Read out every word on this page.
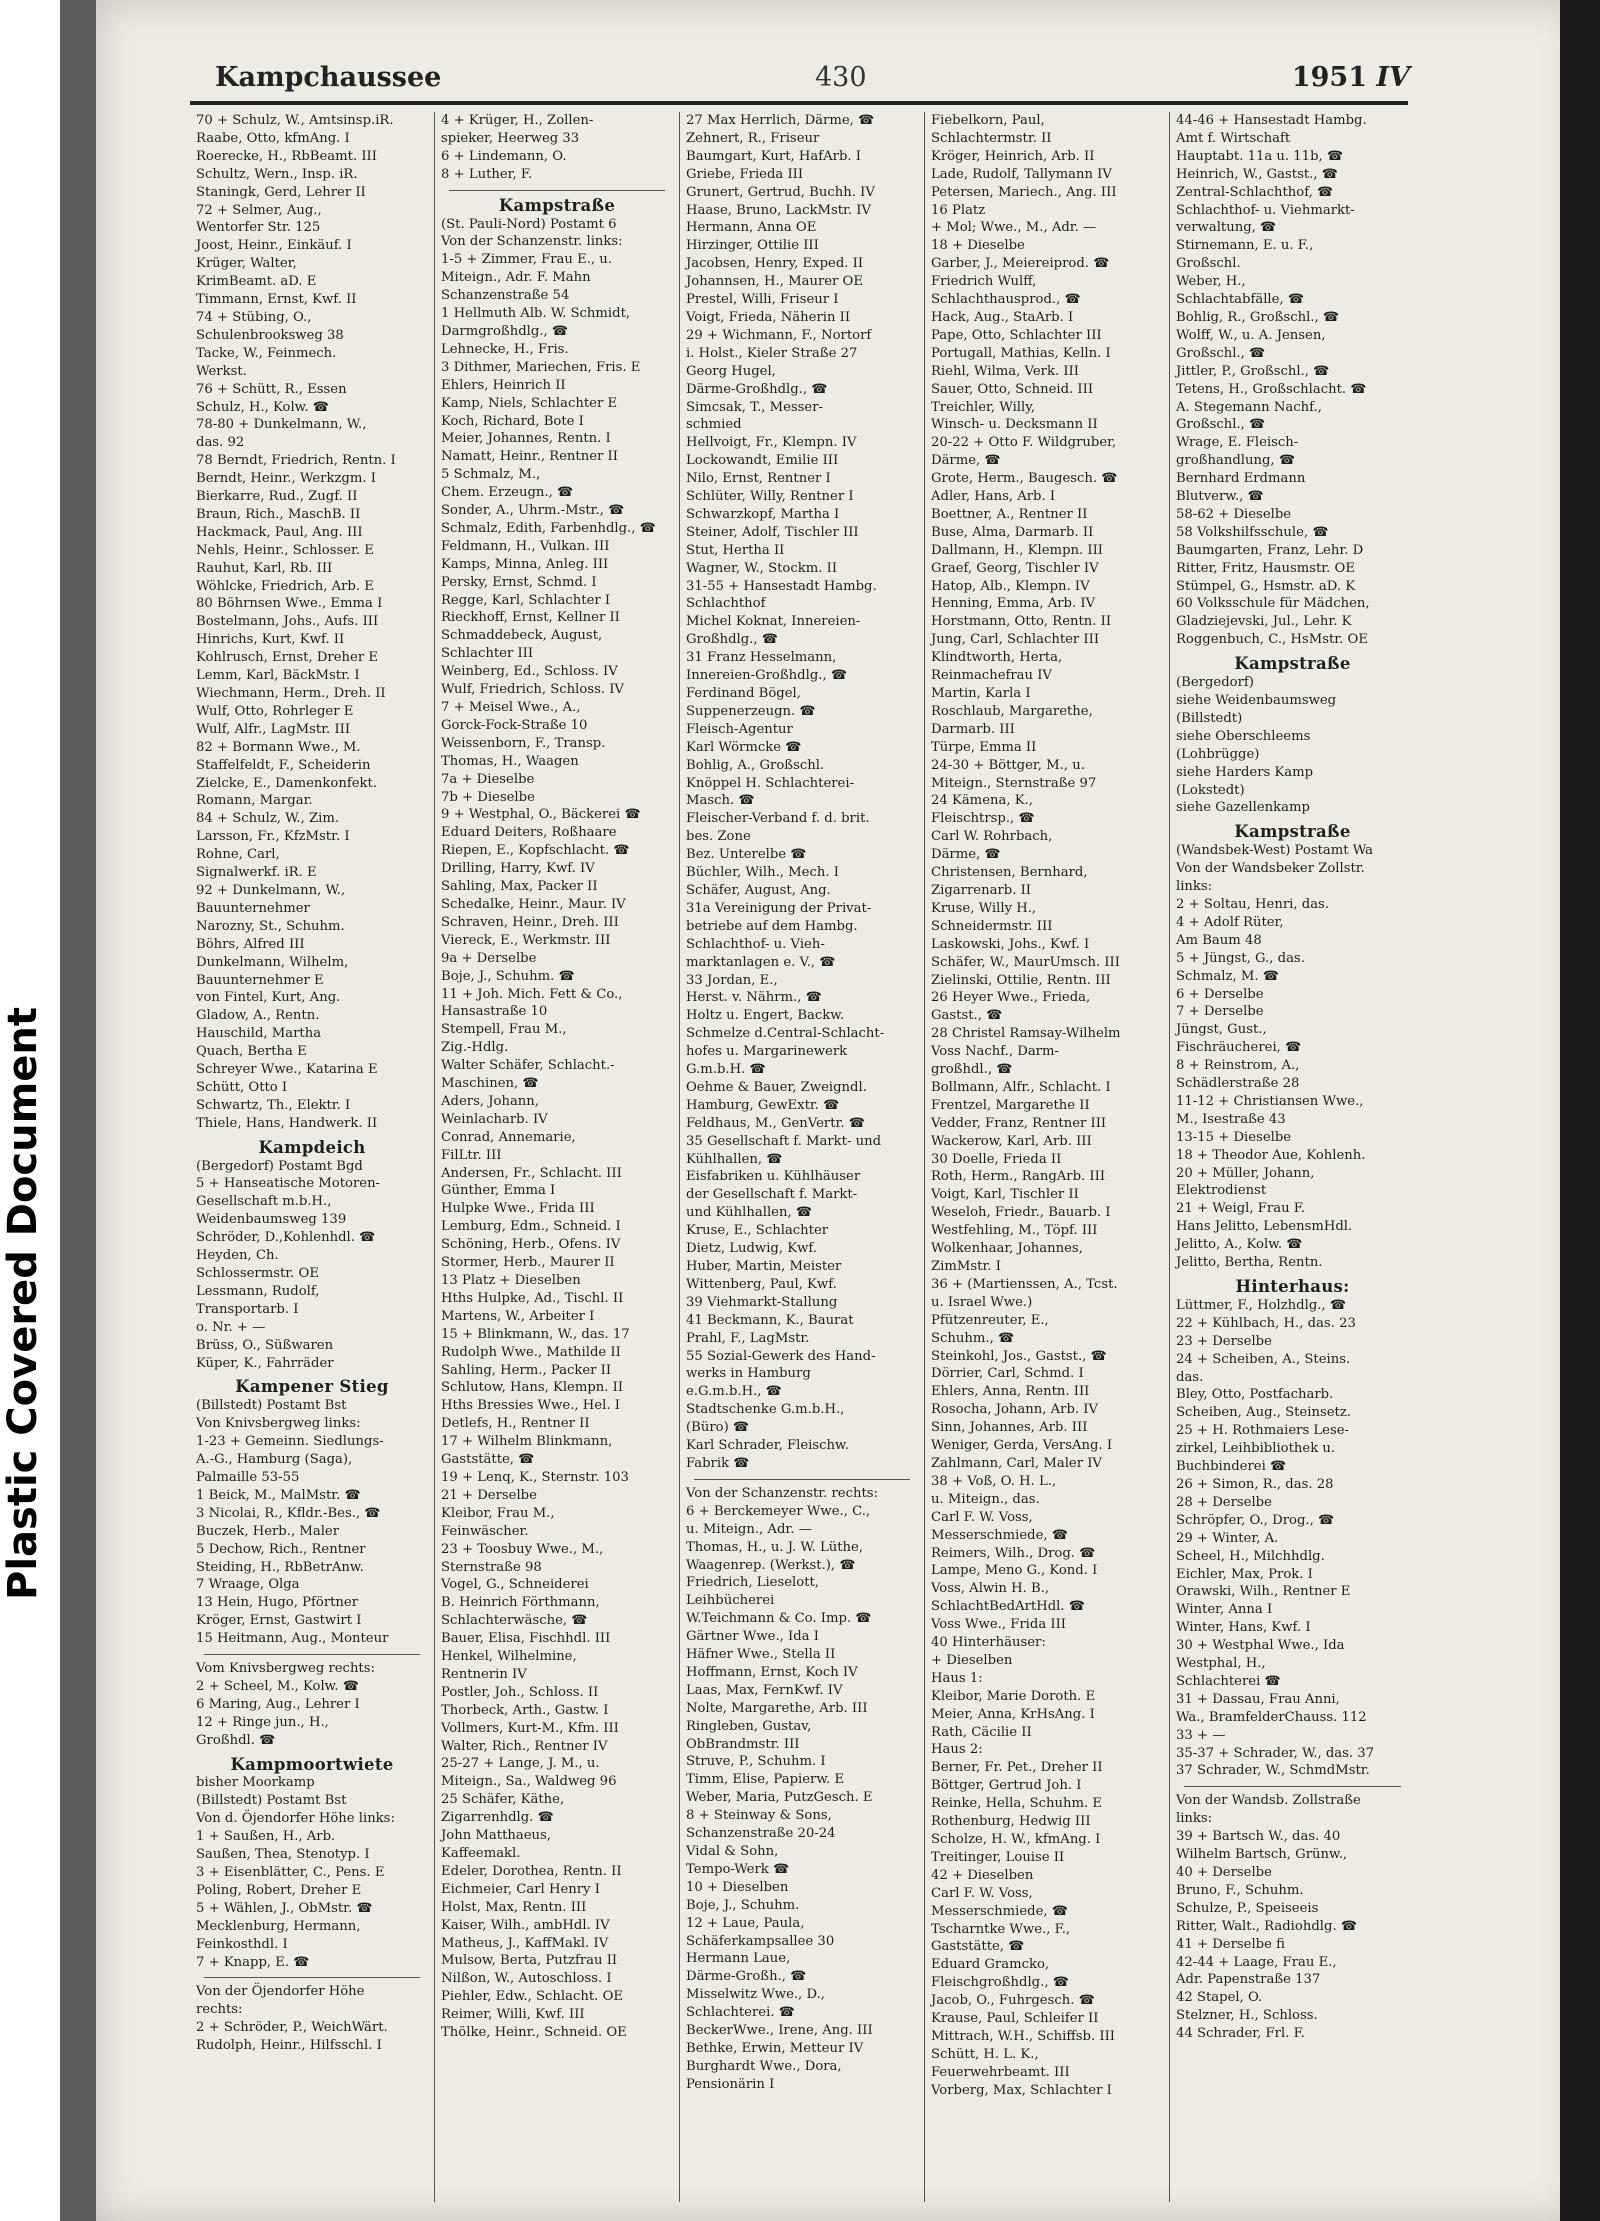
Plastic Covered Document
Kampchaussee	430	1951 IV
70 + Schulz, W., Amtsinsp.iR.
Raabe, Otto, kfmAng. I
Roerecke, H., RbBeamt. III
Schultz, Wern., Insp. iR.
Staningk, Gerd, Lehrer II
72 + Selmer, Aug.,
Wentorfer Str. 125
Joost, Heinr., Einkäuf. I
Krüger, Walter,
KrimBeamt. aD. E
Timmann, Ernst, Kwf. II
74 + Stübing, O.,
Schulenbrooksweg 38
Tacke, W., Feinmech.
Werkst.
76 + Schütt, R., Essen
Schulz, H., Kolw. ☎
78-80 + Dunkelmann, W.,
das. 92
78 Berndt, Friedrich, Rentn. I
Berndt, Heinr., Werkzgm. I
Bierkarre, Rud., Zugf. II
Braun, Rich., MaschB. II
Hackmack, Paul, Ang. III
Nehls, Heinr., Schlosser. E
Rauhut, Karl, Rb. III
Wöhlcke, Friedrich, Arb. E
80 Böhrnsen Wwe., Emma I
Bostelmann, Johs., Aufs. III
Hinrichs, Kurt, Kwf. II
Kohlrusch, Ernst, Dreher E
Lemm, Karl, BäckMstr. I
Wiechmann, Herm., Dreh. II
Wulf, Otto, Rohrleger E
Wulf, Alfr., LagMstr. III
82 + Bormann Wwe., M.
Staffelfeldt, F., Scheiderin
Zielcke, E., Damenkonfekt.
Romann, Margar.
84 + Schulz, W., Zim.
Larsson, Fr., KfzMstr. I
Rohne, Carl,
Signalwerkf. iR. E
92 + Dunkelmann, W.,
Bauunternehmer
Narozny, St., Schuhm.
Böhrs, Alfred III
Dunkelmann, Wilhelm,
Bauunternehmer E
von Fintel, Kurt, Ang.
Gladow, A., Rentn.
Hauschild, Martha
Quach, Bertha E
Schreyer Wwe., Katarina E
Schütt, Otto I
Schwartz, Th., Elektr. I
Thiele, Hans, Handwerk. II
Kampdeich
(Bergedorf) Postamt Bgd
5 + Hanseatische Motoren-
Gesellschaft m.b.H.,
Weidenbaumsweg 139
Schröder, D.,Kohlenhdl. ☎
Heyden, Ch.
Schlossermstr. OE
Lessmann, Rudolf,
Transportarb. I
o. Nr. + —
Brüss, O., Süßwaren
Küper, K., Fahrräder
Kampener Stieg
(Billstedt) Postamt Bst
Von Knivsbergweg links:
1-23 + Gemeinn. Siedlungs-
A.-G., Hamburg (Saga),
Palmaille 53-55
1 Beick, M., MalMstr. ☎
3 Nicolai, R., Kfldr.-Bes., ☎
Buczek, Herb., Maler
5 Dechow, Rich., Rentner
Steiding, H., RbBetrAnw.
7 Wraage, Olga
13 Hein, Hugo, Pförtner
Kröger, Ernst, Gastwirt I
15 Heitmann, Aug., Monteur
Vom Knivsbergweg rechts:
2 + Scheel, M., Kolw. ☎
6 Maring, Aug., Lehrer I
12 + Ringe jun., H.,
Großhdl. ☎
Kampmoortwiete
bisher Moorkamp
(Billstedt) Postamt Bst
Von d. Öjendorfer Höhe links:
1 + Saußen, H., Arb.
Saußen, Thea, Stenotyp. I
3 + Eisenblätter, C., Pens. E
Poling, Robert, Dreher E
5 + Wählen, J., ObMstr. ☎
Mecklenburg, Hermann,
Feinkosthdl. I
7 + Knapp, E. ☎
Von der Öjendorfer Höhe
rechts:
2 + Schröder, P., WeichWärt.
Rudolph, Heinr., Hilfsschl. I
4 + Krüger, H., Zollen-
spieker, Heerweg 33
6 + Lindemann, O.
8 + Luther, F.
Kampstraße
(St. Pauli-Nord) Postamt 6
Von der Schanzenstr. links:
1-5 + Zimmer, Frau E., u.
Miteign., Adr. F. Mahn
Schanzenstraße 54
1 Hellmuth Alb. W. Schmidt,
Darmgroßhdlg., ☎
Lehnecke, H., Fris.
3 Dithmer, Mariechen, Fris. E
Ehlers, Heinrich II
Kamp, Niels, Schlachter E
Koch, Richard, Bote I
Meier, Johannes, Rentn. I
Namatt, Heinr., Rentner II
5 Schmalz, M.,
Chem. Erzeugn., ☎
Sonder, A., Uhrm.-Mstr., ☎
Schmalz, Edith, Farbenhdlg., ☎
Feldmann, H., Vulkan. III
Kamps, Minna, Anleg. III
Persky, Ernst, Schmd. I
Regge, Karl, Schlachter I
Rieckhoff, Ernst, Kellner II
Schmaddebeck, August,
Schlachter III
Weinberg, Ed., Schloss. IV
Wulf, Friedrich, Schloss. IV
7 + Meisel Wwe., A.,
Gorck-Fock-Straße 10
Weissenborn, F., Transp.
Thomas, H., Waagen
7a + Dieselbe
7b + Dieselbe
9 + Westphal, O., Bäckerei ☎
Eduard Deiters, Roßhaare
Riepen, E., Kopfschlacht. ☎
Drilling, Harry, Kwf. IV
Sahling, Max, Packer II
Schedalke, Heinr., Maur. IV
Schraven, Heinr., Dreh. III
Viereck, E., Werkmstr. III
9a + Derselbe
Boje, J., Schuhm. ☎
11 + Joh. Mich. Fett & Co.,
Hansastraße 10
Stempell, Frau M.,
Zig.-Hdlg.
Walter Schäfer, Schlacht.-
Maschinen, ☎
Aders, Johann,
Weinlacharb. IV
Conrad, Annemarie,
FilLtr. III
Andersen, Fr., Schlacht. III
Günther, Emma I
Hulpke Wwe., Frida III
Lemburg, Edm., Schneid. I
Schöning, Herb., Ofens. IV
Stormer, Herb., Maurer II
13 Platz + Dieselben
Hths Hulpke, Ad., Tischl. II
Martens, W., Arbeiter I
15 + Blinkmann, W., das. 17
Rudolph Wwe., Mathilde II
Sahling, Herm., Packer II
Schlutow, Hans, Klempn. II
Hths Bressies Wwe., Hel. I
Detlefs, H., Rentner II
17 + Wilhelm Blinkmann,
Gaststätte, ☎
19 + Lenq, K., Sternstr. 103
21 + Derselbe
Kleibor, Frau M.,
Feinwäscher.
23 + Toosbuy Wwe., M.,
Sternstraße 98
Vogel, G., Schneiderei
B. Heinrich Förthmann,
Schlachterwäsche, ☎
Bauer, Elisa, Fischhdl. III
Henkel, Wilhelmine,
Rentnerin IV
Postler, Joh., Schloss. II
Thorbeck, Arth., Gastw. I
Vollmers, Kurt-M., Kfm. III
Walter, Rich., Rentner IV
25-27 + Lange, J. M., u.
Miteign., Sa., Waldweg 96
25 Schäfer, Käthe,
Zigarrenhdlg. ☎
John Matthaeus,
Kaffeemakl.
Edeler, Dorothea, Rentn. II
Eichmeier, Carl Henry I
Holst, Max, Rentn. III
Kaiser, Wilh., ambHdl. IV
Matheus, J., KaffMakl. IV
Mulsow, Berta, Putzfrau II
Nilßon, W., Autoschloss. I
Piehler, Edw., Schlacht. OE
Reimer, Willi, Kwf. III
Thölke, Heinr., Schneid. OE
27 Max Herrlich, Därme, ☎
Zehnert, R., Friseur
Baumgart, Kurt, HafArb. I
Griebe, Frieda III
Grunert, Gertrud, Buchh. IV
Haase, Bruno, LackMstr. IV
Hermann, Anna OE
Hirzinger, Ottilie III
Jacobsen, Henry, Exped. II
Johannsen, H., Maurer OE
Prestel, Willi, Friseur I
Voigt, Frieda, Näherin II
29 + Wichmann, F., Nortorf
i. Holst., Kieler Straße 27
Georg Hugel,
Därme-Großhdlg., ☎
Simcsak, T., Messer-
schmied
Hellvoigt, Fr., Klempn. IV
Lockowandt, Emilie III
Nilo, Ernst, Rentner I
Schlüter, Willy, Rentner I
Schwarzkopf, Martha I
Steiner, Adolf, Tischler III
Stut, Hertha II
Wagner, W., Stockm. II
31-55 + Hansestadt Hambg.
Schlachthof
Michel Koknat, Innereien-
Großhdlg., ☎
31 Franz Hesselmann,
Innereien-Großhdlg., ☎
Ferdinand Bögel,
Suppenerzeugn. ☎
Fleisch-Agentur
Karl Wörmcke ☎
Bohlig, A., Großschl.
Knöppel H. Schlachterei-
Masch. ☎
Fleischer-Verband f. d. brit.
bes. Zone
Bez. Unterelbe ☎
Büchler, Wilh., Mech. I
Schäfer, August, Ang.
31a Vereinigung der Privat-
betriebe auf dem Hambg.
Schlachthof- u. Vieh-
marktanlagen e. V., ☎
33 Jordan, E.,
Herst. v. Nährm., ☎
Holtz u. Engert, Backw.
Schmelze d.Central-Schlacht-
hofes u. Margarinewerk
G.m.b.H. ☎
Oehme & Bauer, Zweigndl.
Hamburg, GewExtr. ☎
Feldhaus, M., GenVertr. ☎
35 Gesellschaft f. Markt- und
Kühlhallen, ☎
Eisfabriken u. Kühlhäuser
der Gesellschaft f. Markt-
und Kühlhallen, ☎
Kruse, E., Schlachter
Dietz, Ludwig, Kwf.
Huber, Martin, Meister
Wittenberg, Paul, Kwf.
39 Viehmarkt-Stallung
41 Beckmann, K., Baurat
Prahl, F., LagMstr.
55 Sozial-Gewerk des Hand-
werks in Hamburg
e.G.m.b.H., ☎
Stadtschenke G.m.b.H.,
(Büro) ☎
Karl Schrader, Fleischw.
Fabrik ☎
Von der Schanzenstr. rechts:
6 + Berckemeyer Wwe., C.,
u. Miteign., Adr. —
Thomas, H., u. J. W. Lüthe,
Waagenrep. (Werkst.), ☎
Friedrich, Lieselott,
Leihbücherei
W.Teichmann & Co. Imp. ☎
Gärtner Wwe., Ida I
Häfner Wwe., Stella II
Hoffmann, Ernst, Koch IV
Laas, Max, FernKwf. IV
Nolte, Margarethe, Arb. III
Ringleben, Gustav,
ObBrandmstr. III
Struve, P., Schuhm. I
Timm, Elise, Papierw. E
Weber, Maria, PutzGesch. E
8 + Steinway & Sons,
Schanzenstraße 20-24
Vidal & Sohn,
Tempo-Werk ☎
10 + Dieselben
Boje, J., Schuhm.
12 + Laue, Paula,
Schäferkampsallee 30
Hermann Laue,
Därme-Großh., ☎
Misselwitz Wwe., D.,
Schlachterei. ☎
BeckerWwe., Irene, Ang. III
Bethke, Erwin, Metteur IV
Burghardt Wwe., Dora,
Pensionärin I
Fiebelkorn, Paul,
Schlachtermstr. II
Kröger, Heinrich, Arb. II
Lade, Rudolf, Tallymann IV
Petersen, Mariech., Ang. III
16 Platz
+ Mol; Wwe., M., Adr. —
18 + Dieselbe
Garber, J., Meiereiprod. ☎
Friedrich Wulff,
Schlachthausprod., ☎
Hack, Aug., StaArb. I
Pape, Otto, Schlachter III
Portugall, Mathias, Kelln. I
Riehl, Wilma, Verk. III
Sauer, Otto, Schneid. III
Treichler, Willy,
Winsch- u. Decksmann II
20-22 + Otto F. Wildgruber,
Därme, ☎
Grote, Herm., Baugesch. ☎
Adler, Hans, Arb. I
Boettner, A., Rentner II
Buse, Alma, Darmarb. II
Dallmann, H., Klempn. III
Graef, Georg, Tischler IV
Hatop, Alb., Klempn. IV
Henning, Emma, Arb. IV
Horstmann, Otto, Rentn. II
Jung, Carl, Schlachter III
Klindtworth, Herta,
Reinmachefrau IV
Martin, Karla I
Roschlaub, Margarethe,
Darmarb. III
Türpe, Emma II
24-30 + Böttger, M., u.
Miteign., Sternstraße 97
24 Kämena, K.,
Fleischtrsp., ☎
Carl W. Rohrbach,
Därme, ☎
Christensen, Bernhard,
Zigarrenarb. II
Kruse, Willy H.,
Schneidermstr. III
Laskowski, Johs., Kwf. I
Schäfer, W., MaurUmsch. III
Zielinski, Ottilie, Rentn. III
26 Heyer Wwe., Frieda,
Gastst., ☎
28 Christel Ramsay-Wilhelm
Voss Nachf., Darm-
großhdl., ☎
Bollmann, Alfr., Schlacht. I
Frentzel, Margarethe II
Vedder, Franz, Rentner III
Wackerow, Karl, Arb. III
30 Doelle, Frieda II
Roth, Herm., RangArb. III
Voigt, Karl, Tischler II
Weseloh, Friedr., Bauarb. I
Westfehling, M., Töpf. III
Wolkenhaar, Johannes,
ZimMstr. I
36 + (Martienssen, A., Tcst.
u. Israel Wwe.)
Pfützenreuter, E.,
Schuhm., ☎
Steinkohl, Jos., Gastst., ☎
Dörrier, Carl, Schmd. I
Ehlers, Anna, Rentn. III
Rosocha, Johann, Arb. IV
Sinn, Johannes, Arb. III
Weniger, Gerda, VersAng. I
Zahlmann, Carl, Maler IV
38 + Voß, O. H. L.,
u. Miteign., das.
Carl F. W. Voss,
Messerschmiede, ☎
Reimers, Wilh., Drog. ☎
Lampe, Meno G., Kond. I
Voss, Alwin H. B.,
SchlachtBedArtHdl. ☎
Voss Wwe., Frida III
40 Hinterhäuser:
+ Dieselben
Haus 1:
Kleibor, Marie Doroth. E
Meier, Anna, KrHsAng. I
Rath, Cäcilie II
Haus 2:
Berner, Fr. Pet., Dreher II
Böttger, Gertrud Joh. I
Reinke, Hella, Schuhm. E
Rothenburg, Hedwig III
Scholze, H. W., kfmAng. I
Treitinger, Louise II
42 + Dieselben
Carl F. W. Voss,
Messerschmiede, ☎
Tscharntke Wwe., F.,
Gaststätte, ☎
Eduard Gramcko,
Fleischgroßhdlg., ☎
Jacob, O., Fuhrgesch. ☎
Krause, Paul, Schleifer II
Mittrach, W.H., Schiffsb. III
Schütt, H. L. K.,
Feuerwehrbeamt. III
Vorberg, Max, Schlachter I
44-46 + Hansestadt Hambg.
Amt f. Wirtschaft
Hauptabt. 11a u. 11b, ☎
Heinrich, W., Gastst., ☎
Zentral-Schlachthof, ☎
Schlachthof- u. Viehmarkt-
verwaltung, ☎
Stirnemann, E. u. F.,
Großschl.
Weber, H.,
Schlachtabfälle, ☎
Bohlig, R., Großschl., ☎
Wolff, W., u. A. Jensen,
Großschl., ☎
Jittler, P., Großschl., ☎
Tetens, H., Großschlacht. ☎
A. Stegemann Nachf.,
Großschl., ☎
Wrage, E. Fleisch-
großhandlung, ☎
Bernhard Erdmann
Blutverw., ☎
58-62 + Dieselbe
58 Volkshilfsschule, ☎
Baumgarten, Franz, Lehr. D
Ritter, Fritz, Hausmstr. OE
Stümpel, G., Hsmstr. aD. K
60 Volksschule für Mädchen,
Gladziejevski, Jul., Lehr. K
Roggenbuch, C., HsMstr. OE
Kampstraße
(Bergedorf)
siehe Weidenbaumsweg
(Billstedt)
siehe Oberschleems
(Lohbrügge)
siehe Harders Kamp
(Lokstedt)
siehe Gazellenkamp
Kampstraße
(Wandsbek-West) Postamt Wa
Von der Wandsbeker Zollstr.
links:
2 + Soltau, Henri, das.
4 + Adolf Rüter,
Am Baum 48
5 + Jüngst, G., das.
Schmalz, M. ☎
6 + Derselbe
7 + Derselbe
Jüngst, Gust.,
Fischräucherei, ☎
8 + Reinstrom, A.,
Schädlerstraße 28
11-12 + Christiansen Wwe.,
M., Isestraße 43
13-15 + Dieselbe
18 + Theodor Aue, Kohlenh.
20 + Müller, Johann,
Elektrodienst
21 + Weigl, Frau F.
Hans Jelitto, LebensmHdl.
Jelitto, A., Kolw. ☎
Jelitto, Bertha, Rentn.
Hinterhaus:
Lüttmer, F., Holzhdlg., ☎
22 + Kühlbach, H., das. 23
23 + Derselbe
24 + Scheiben, A., Steins.
das.
Bley, Otto, Postfacharb.
Scheiben, Aug., Steinsetz.
25 + H. Rothmaiers Lese-
zirkel, Leihbibliothek u.
Buchbinderei ☎
26 + Simon, R., das. 28
28 + Derselbe
Schröpfer, O., Drog., ☎
29 + Winter, A.
Scheel, H., Milchhdlg.
Eichler, Max, Prok. I
Orawski, Wilh., Rentner E
Winter, Anna I
Winter, Hans, Kwf. I
30 + Westphal Wwe., Ida
Westphal, H.,
Schlachterei ☎
31 + Dassau, Frau Anni,
Wa., BramfelderChauss. 112
33 + —
35-37 + Schrader, W., das. 37
37 Schrader, W., SchmdMstr.
Von der Wandsb. Zollstraße
links:
39 + Bartsch W., das. 40
Wilhelm Bartsch, Grünw.,
40 + Derselbe
Bruno, F., Schuhm.
Schulze, P., Speiseeis
Ritter, Walt., Radiohdlg. ☎
41 + Derselbe fi
42-44 + Laage, Frau E.,
Adr. Papenstraße 137
42 Stapel, O.
Stelzner, H., Schloss.
44 Schrader, Frl. F.
